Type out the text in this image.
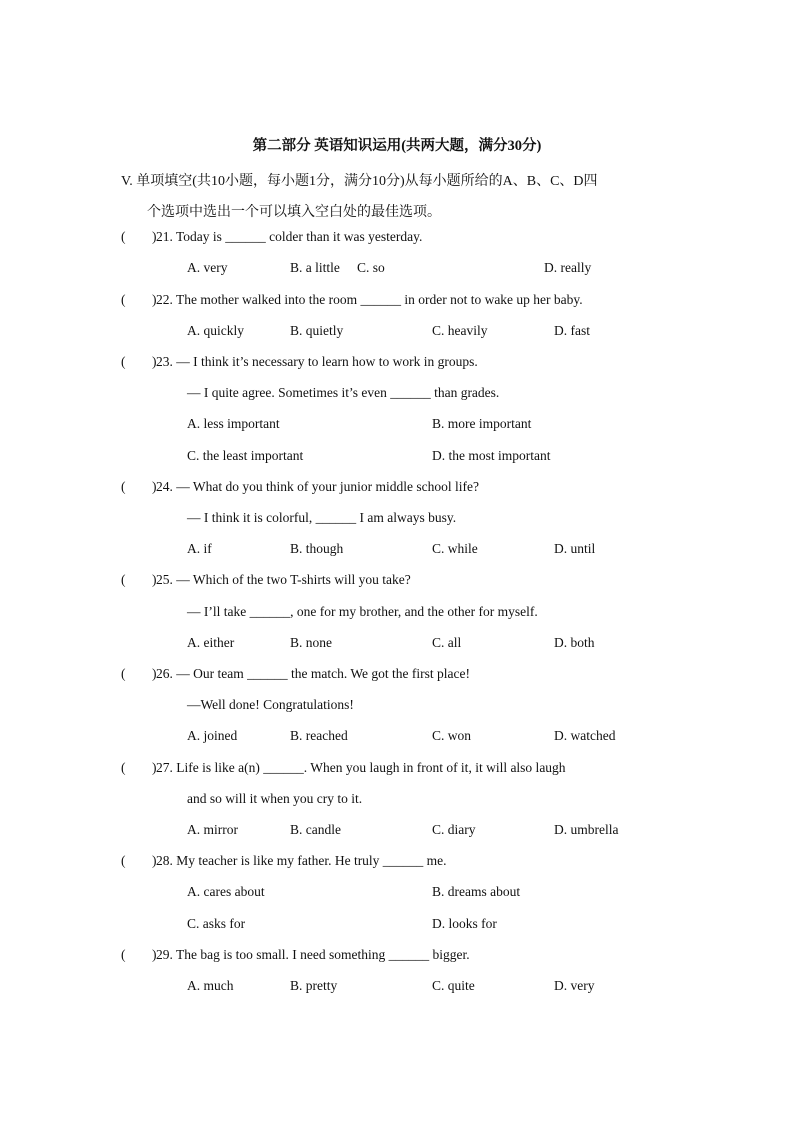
第二部分 英语知识运用(共两大题，满分30分)
V. 单项填空(共10小题，每小题1分，满分10分)从每小题所给的A、B、C、D四
个选项中选出一个可以填入空白处的最佳选项。
( ) 21. Today is ______ colder than it was yesterday.
A. very	B. a little C. so	D. really
( ) 22. The mother walked into the room ______ in order not to wake up her baby.
A. quickly	B. quietly	C. heavily	D. fast
( ) 23. — I think it’s necessary to learn how to work in groups.
— I quite agree. Sometimes it’s even ______ than grades.
A. less important	B. more important
C. the least important	D. the most important
( ) 24. — What do you think of your junior middle school life?
— I think it is colorful, ______ I am always busy.
A. if	B. though	C. while	D. until
( ) 25. — Which of the two T-shirts will you take?
— I’ll take ______, one for my brother, and the other for myself.
A. either	B. none	C. all	D. both
( ) 26. — Our team ______ the match. We got the first place!
—Well done! Congratulations!
A. joined	B. reached	C. won	D. watched
( ) 27. Life is like a(n) ______. When you laugh in front of it, it will also laugh
and so will it when you cry to it.
A. mirror	B. candle	C. diary	D. umbrella
( ) 28. My teacher is like my father. He truly ______ me.
A. cares about	B. dreams about
C. asks for	D. looks for
( ) 29. The bag is too small. I need something ______ bigger.
A. much	B. pretty	C. quite	D. very
